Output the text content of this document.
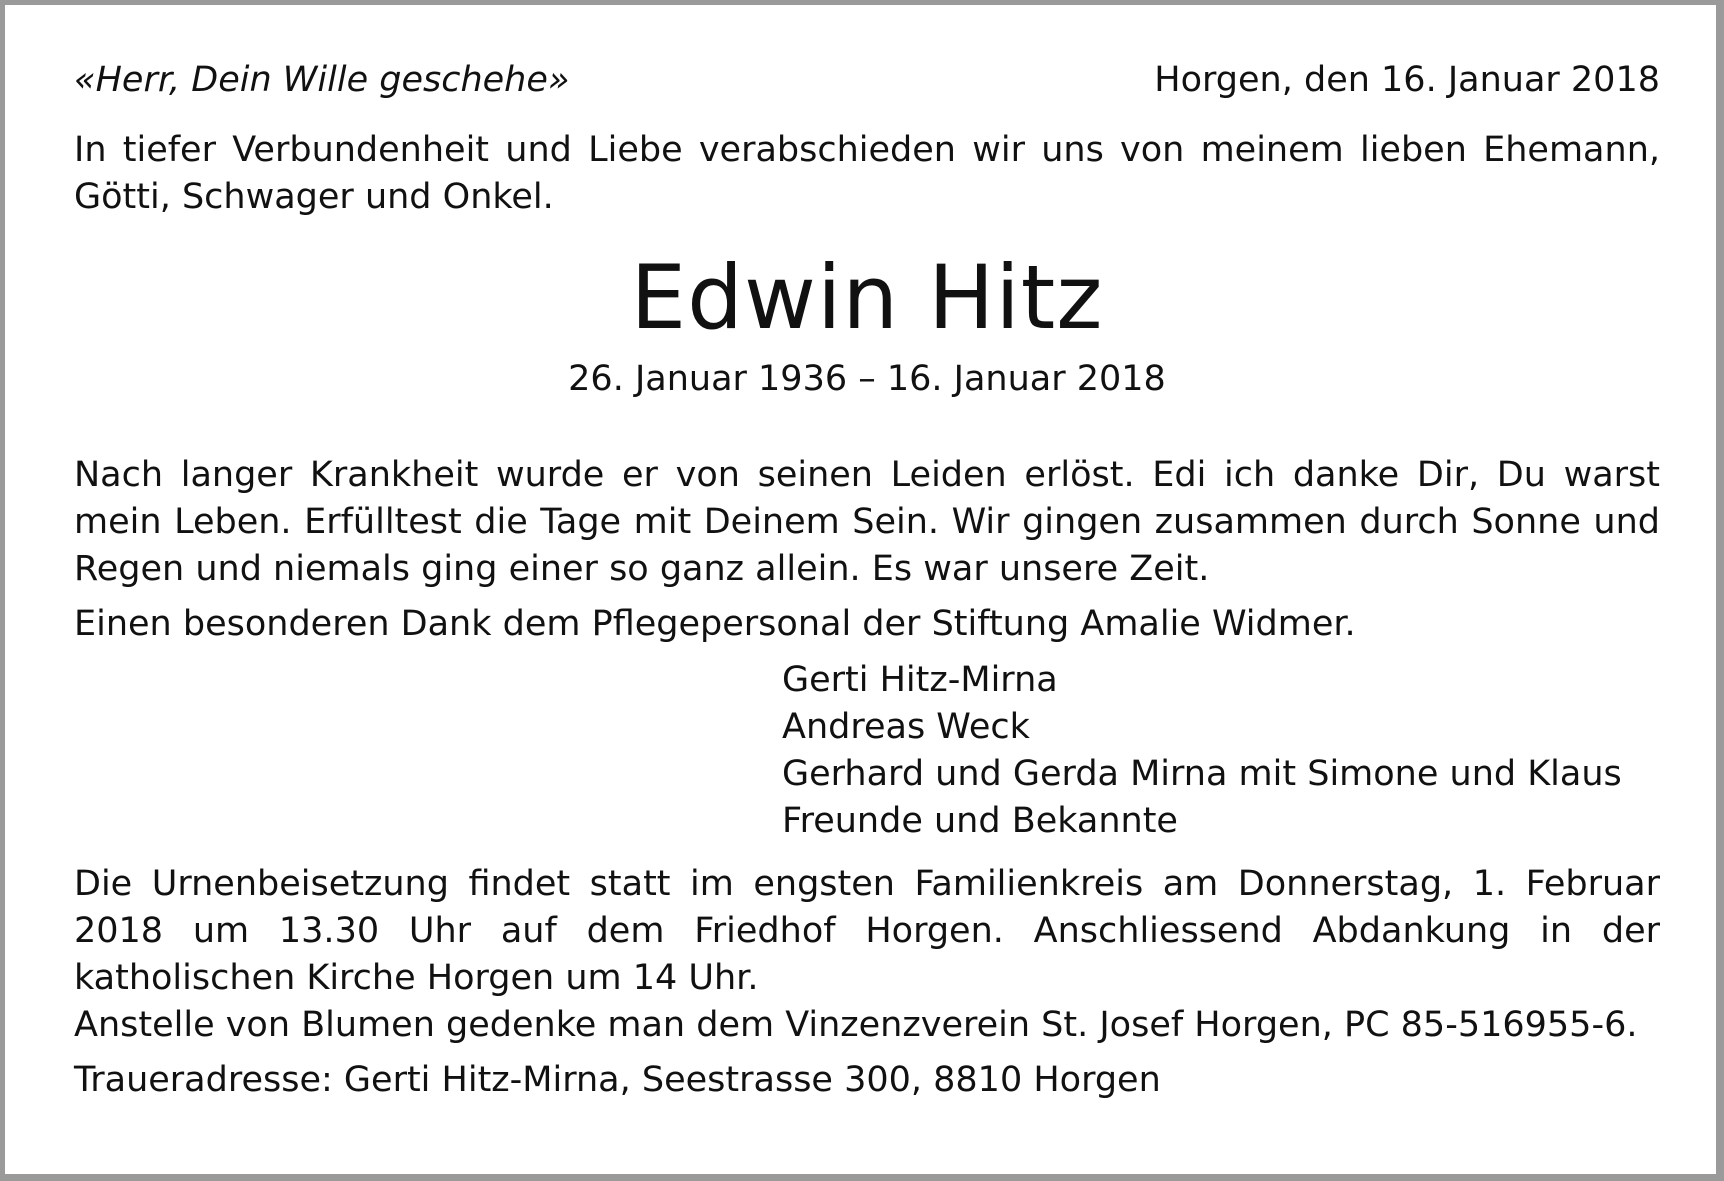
«Herr, Dein Wille geschehe»	Horgen, den 16. Januar 2018

In tiefer Verbundenheit und Liebe verabschieden wir uns von meinem lieben Ehemann, Götti, Schwager und Onkel.

Edwin Hitz
26. Januar 1936 – 16. Januar 2018

Nach langer Krankheit wurde er von seinen Leiden erlöst. Edi ich danke Dir, Du warst mein Leben. Erfülltest die Tage mit Deinem Sein. Wir gingen zusammen durch Sonne und Regen und niemals ging einer so ganz allein. Es war unsere Zeit.

Einen besonderen Dank dem Pflegepersonal der Stiftung Amalie Widmer.

Gerti Hitz-Mirna
Andreas Weck
Gerhard und Gerda Mirna mit Simone und Klaus
Freunde und Bekannte

Die Urnenbeisetzung findet statt im engsten Familienkreis am Donnerstag, 1. Februar 2018 um 13.30 Uhr auf dem Friedhof Horgen. Anschliessend Abdankung in der katholischen Kirche Horgen um 14 Uhr.

Anstelle von Blumen gedenke man dem Vinzenzverein St. Josef Horgen, PC 85-516955-6.

Traueradresse: Gerti Hitz-Mirna, Seestrasse 300, 8810 Horgen
